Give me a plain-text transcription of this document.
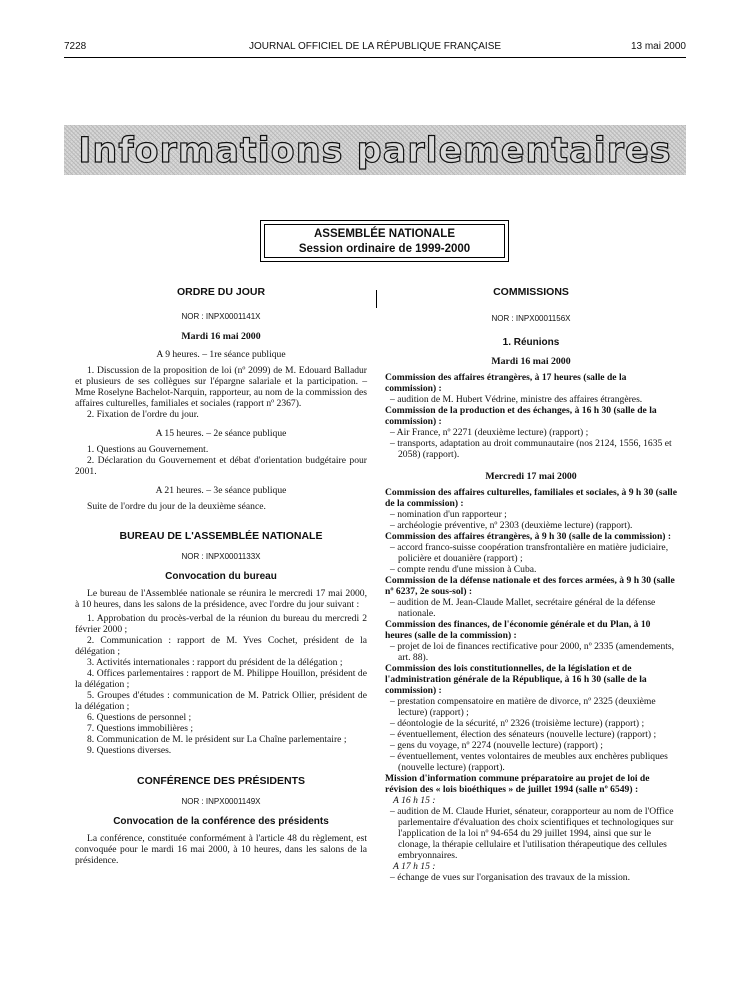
7228	JOURNAL OFFICIEL DE LA RÉPUBLIQUE FRANÇAISE	13 mai 2000
Informations parlementaires
ASSEMBLÉE NATIONALE
Session ordinaire de 1999-2000
ORDRE DU JOUR
NOR : INPX0001141X
Mardi 16 mai 2000
A 9 heures. – 1re séance publique

1. Discussion de la proposition de loi (nº 2099) de M. Edouard Balladur et plusieurs de ses collègues sur l'épargne salariale et la participation. – Mme Roselyne Bachelot-Narquin, rapporteur, au nom de la commission des affaires culturelles, familiales et sociales (rapport nº 2367).

2. Fixation de l'ordre du jour.

A 15 heures. – 2e séance publique

1. Questions au Gouvernement.

2. Déclaration du Gouvernement et débat d'orientation budgétaire pour 2001.

A 21 heures. – 3e séance publique

Suite de l'ordre du jour de la deuxième séance.

BUREAU DE L'ASSEMBLÉE NATIONALE
NOR : INPX0001133X
Convocation du bureau

Le bureau de l'Assemblée nationale se réunira le mercredi 17 mai 2000, à 10 heures, dans les salons de la présidence, avec l'ordre du jour suivant :

1. Approbation du procès-verbal de la réunion du bureau du mercredi 2 février 2000 ;

2. Communication : rapport de M. Yves Cochet, président de la délégation ;

3. Activités internationales : rapport du président de la délégation ;

4. Offices parlementaires : rapport de M. Philippe Houillon, président de la délégation ;

5. Groupes d'études : communication de M. Patrick Ollier, président de la délégation ;

6. Questions de personnel ;

7. Questions immobilières ;

8. Communication de M. le président sur La Chaîne parlementaire ;

9. Questions diverses.

CONFÉRENCE DES PRÉSIDENTS
NOR : INPX0001149X
Convocation de la conférence des présidents

La conférence, constituée conformément à l'article 48 du règlement, est convoquée pour le mardi 16 mai 2000, à 10 heures, dans les salons de la présidence.

COMMISSIONS
NOR : INPX0001156X
1. Réunions
Mardi 16 mai 2000

Commission des affaires étrangères, à 17 heures (salle de la commission) :

– audition de M. Hubert Védrine, ministre des affaires étrangères.

Commission de la production et des échanges, à 16 h 30 (salle de la commission) :

– Air France, nº 2271 (deuxième lecture) (rapport) ;

– transports, adaptation au droit communautaire (nos 2124, 1556, 1635 et 2058) (rapport).

Mercredi 17 mai 2000

Commission des affaires culturelles, familiales et sociales, à 9 h 30 (salle de la commission) :

– nomination d'un rapporteur ;

– archéologie préventive, nº 2303 (deuxième lecture) (rapport).

Commission des affaires étrangères, à 9 h 30 (salle de la commission) :

– accord franco-suisse coopération transfrontalière en matière judiciaire, policière et douanière (rapport) ;

– compte rendu d'une mission à Cuba.

Commission de la défense nationale et des forces armées, à 9 h 30 (salle nº 6237, 2e sous-sol) :

– audition de M. Jean-Claude Mallet, secrétaire général de la défense nationale.

Commission des finances, de l'économie générale et du Plan, à 10 heures (salle de la commission) :

– projet de loi de finances rectificative pour 2000, nº 2335 (amendements, art. 88).

Commission des lois constitutionnelles, de la législation et de l'administration générale de la République, à 16 h 30 (salle de la commission) :

– prestation compensatoire en matière de divorce, nº 2325 (deuxième lecture) (rapport) ;

– déontologie de la sécurité, nº 2326 (troisième lecture) (rapport) ;

– éventuellement, élection des sénateurs (nouvelle lecture) (rapport) ;

– gens du voyage, nº 2274 (nouvelle lecture) (rapport) ;

– éventuellement, ventes volontaires de meubles aux enchères publiques (nouvelle lecture) (rapport).

Mission d'information commune préparatoire au projet de loi de révision des « lois bioéthiques » de juillet 1994 (salle nº 6549) :

A 16 h 15 :

– audition de M. Claude Huriet, sénateur, corapporteur au nom de l'Office parlementaire d'évaluation des choix scientifiques et technologiques sur l'application de la loi nº 94-654 du 29 juillet 1994, ainsi que sur le clonage, la thérapie cellulaire et l'utilisation thérapeutique des cellules embryonnaires.

A 17 h 15 :

– échange de vues sur l'organisation des travaux de la mission.
